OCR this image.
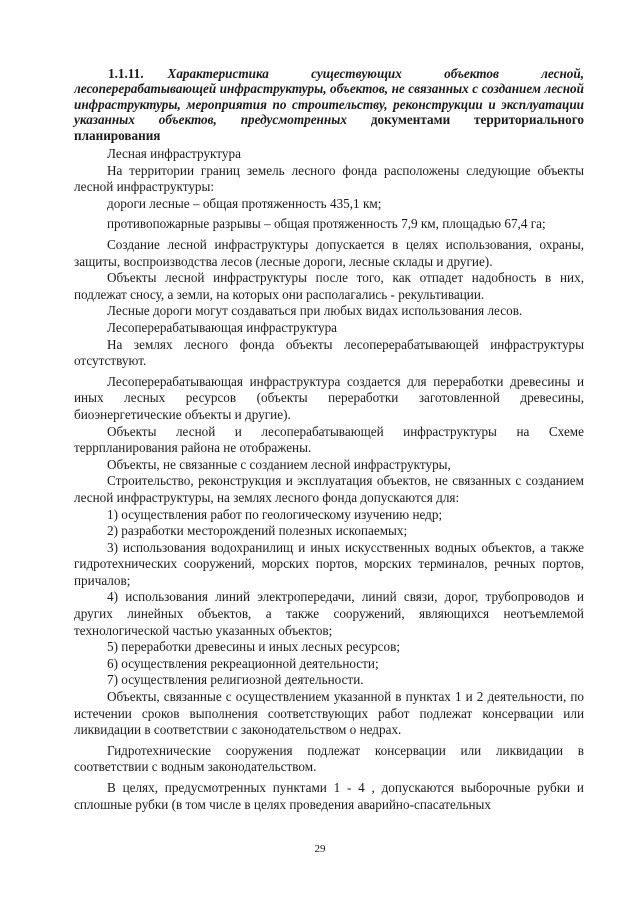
1.1.11. Характеристика существующих объектов лесной, лесоперерабатывающей инфраструктуры, объектов, не связанных с созданием лесной инфраструктуры, мероприятия по строительству, реконструкции и эксплуатации указанных объектов, предусмотренных документами территориального планирования

Лесная инфраструктура

На территории границ земель лесного фонда расположены следующие объекты лесной инфраструктуры:

дороги лесные – общая протяженность 435,1 км;

противопожарные разрывы – общая протяженность 7,9 км, площадью 67,4 га;

Создание лесной инфраструктуры допускается в целях использования, охраны, защиты, воспроизводства лесов (лесные дороги, лесные склады и другие).

Объекты лесной инфраструктуры после того, как отпадет надобность в них, подлежат сносу, а земли, на которых они располагались - рекультивации.

Лесные дороги могут создаваться при любых видах использования лесов.

Лесоперерабатывающая инфраструктура

На землях лесного фонда объекты лесоперерабатывающей инфраструктуры отсутствуют.

Лесоперерабатывающая инфраструктура создается для переработки древесины и иных лесных ресурсов (объекты переработки заготовленной древесины, биоэнергетические объекты и другие).

Объекты лесной и лесоперабатывающей инфраструктуры на Схеме террпланирования района не отображены.

Объекты, не связанные с созданием лесной инфраструктуры,

Строительство, реконструкция и эксплуатация объектов, не связанных с созданием лесной инфраструктуры, на землях лесного фонда допускаются для:

1) осуществления работ по геологическому изучению недр;

2) разработки месторождений полезных ископаемых;

3) использования водохранилищ и иных искусственных водных объектов, а также гидротехнических сооружений, морских портов, морских терминалов, речных портов, причалов;

4) использования линий электропередачи, линий связи, дорог, трубопроводов и других линейных объектов, а также сооружений, являющихся неотъемлемой технологической частью указанных объектов;

5) переработки древесины и иных лесных ресурсов;

6) осуществления рекреационной деятельности;

7) осуществления религиозной деятельности.

Объекты, связанные с осуществлением указанной в пунктах 1 и 2 деятельности, по истечении сроков выполнения соответствующих работ подлежат консервации или ликвидации в соответствии с законодательством о недрах.

Гидротехнические сооружения подлежат консервации или ликвидации в соответствии с водным законодательством.

В целях, предусмотренных пунктами 1 - 4 , допускаются выборочные рубки и сплошные рубки (в том числе в целях проведения аварийно-спасательных

29
